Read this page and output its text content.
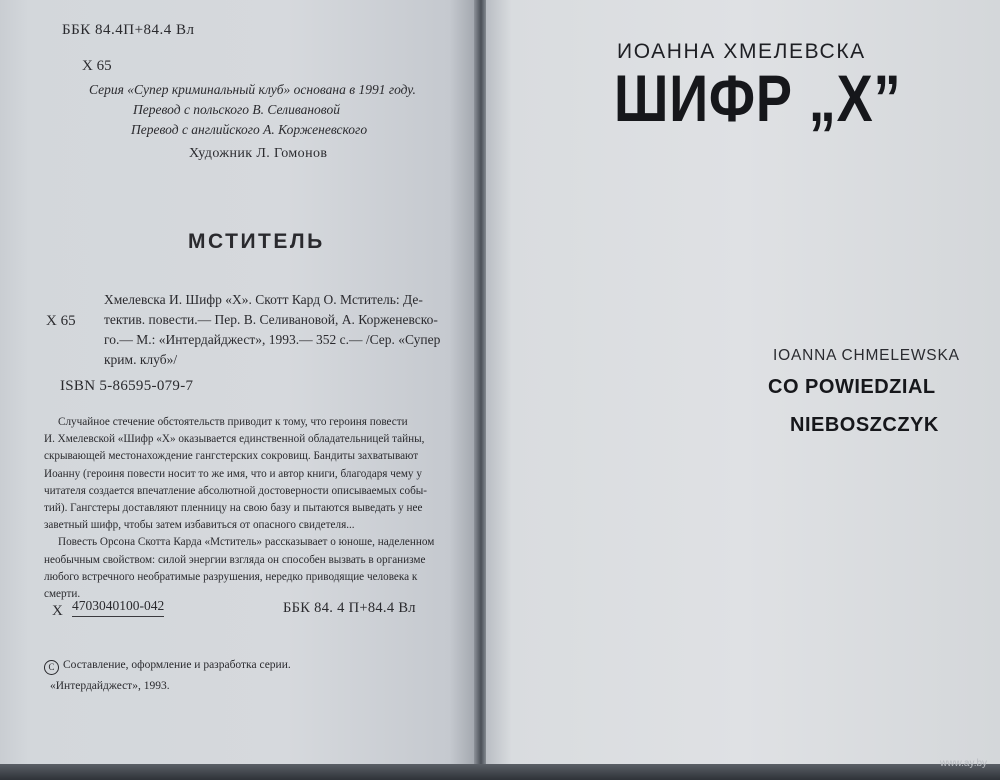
ББК 84.4П+84.4 Вл
Х 65
Серия «Супер криминальный клуб» основана в 1991 году.
Перевод с польского В. Селивановой
Перевод с английского А. Корженевского
Художник Л. Гомонов
МСТИТЕЛЬ
Х 65
Хмелевска И. Шифр «Х». Скотт Кард О. Мститель: Де-
тектив. повести.— Пер. В. Селивановой, А. Корженевско-
го.— М.: «Интердайджест», 1993.— 352 с.— /Сер. «Супер
крим. клуб»/
ISBN 5-86595-079-7
Случайное стечение обстоятельств приводит к тому, что героиня повести
И. Хмелевской «Шифр «Х» оказывается единственной обладательницей тайны,
скрывающей местонахождение гангстерских сокровищ. Бандиты захватывают
Иоанну (героиня повести носит то же имя, что и автор книги, благодаря чему у
читателя создается впечатление абсолютной достоверности описываемых собы-
тий). Гангстеры доставляют пленницу на свою базу и пытаются выведать у нее
заветный шифр, чтобы затем избавиться от опасного свидетеля...
Повесть Орсона Скотта Карда «Мститель» рассказывает о юноше, наделенном
необычным свойством: силой энергии взгляда он способен вызвать в организме
любого встречного необратимые разрушения, нередко приводящие человека к
смерти.
Х 4703040100-042	ББК 84. 4 П+84.4 Вл
С Составление, оформление и разработка серии.
«Интердайджест», 1993.
ИОАННА ХМЕЛЕВСКА
ШИФР „Х”
IOANNA CHMELEWSKA
CO POWIEDZIAL
NIEBOSZCZYK
www.ay.by
